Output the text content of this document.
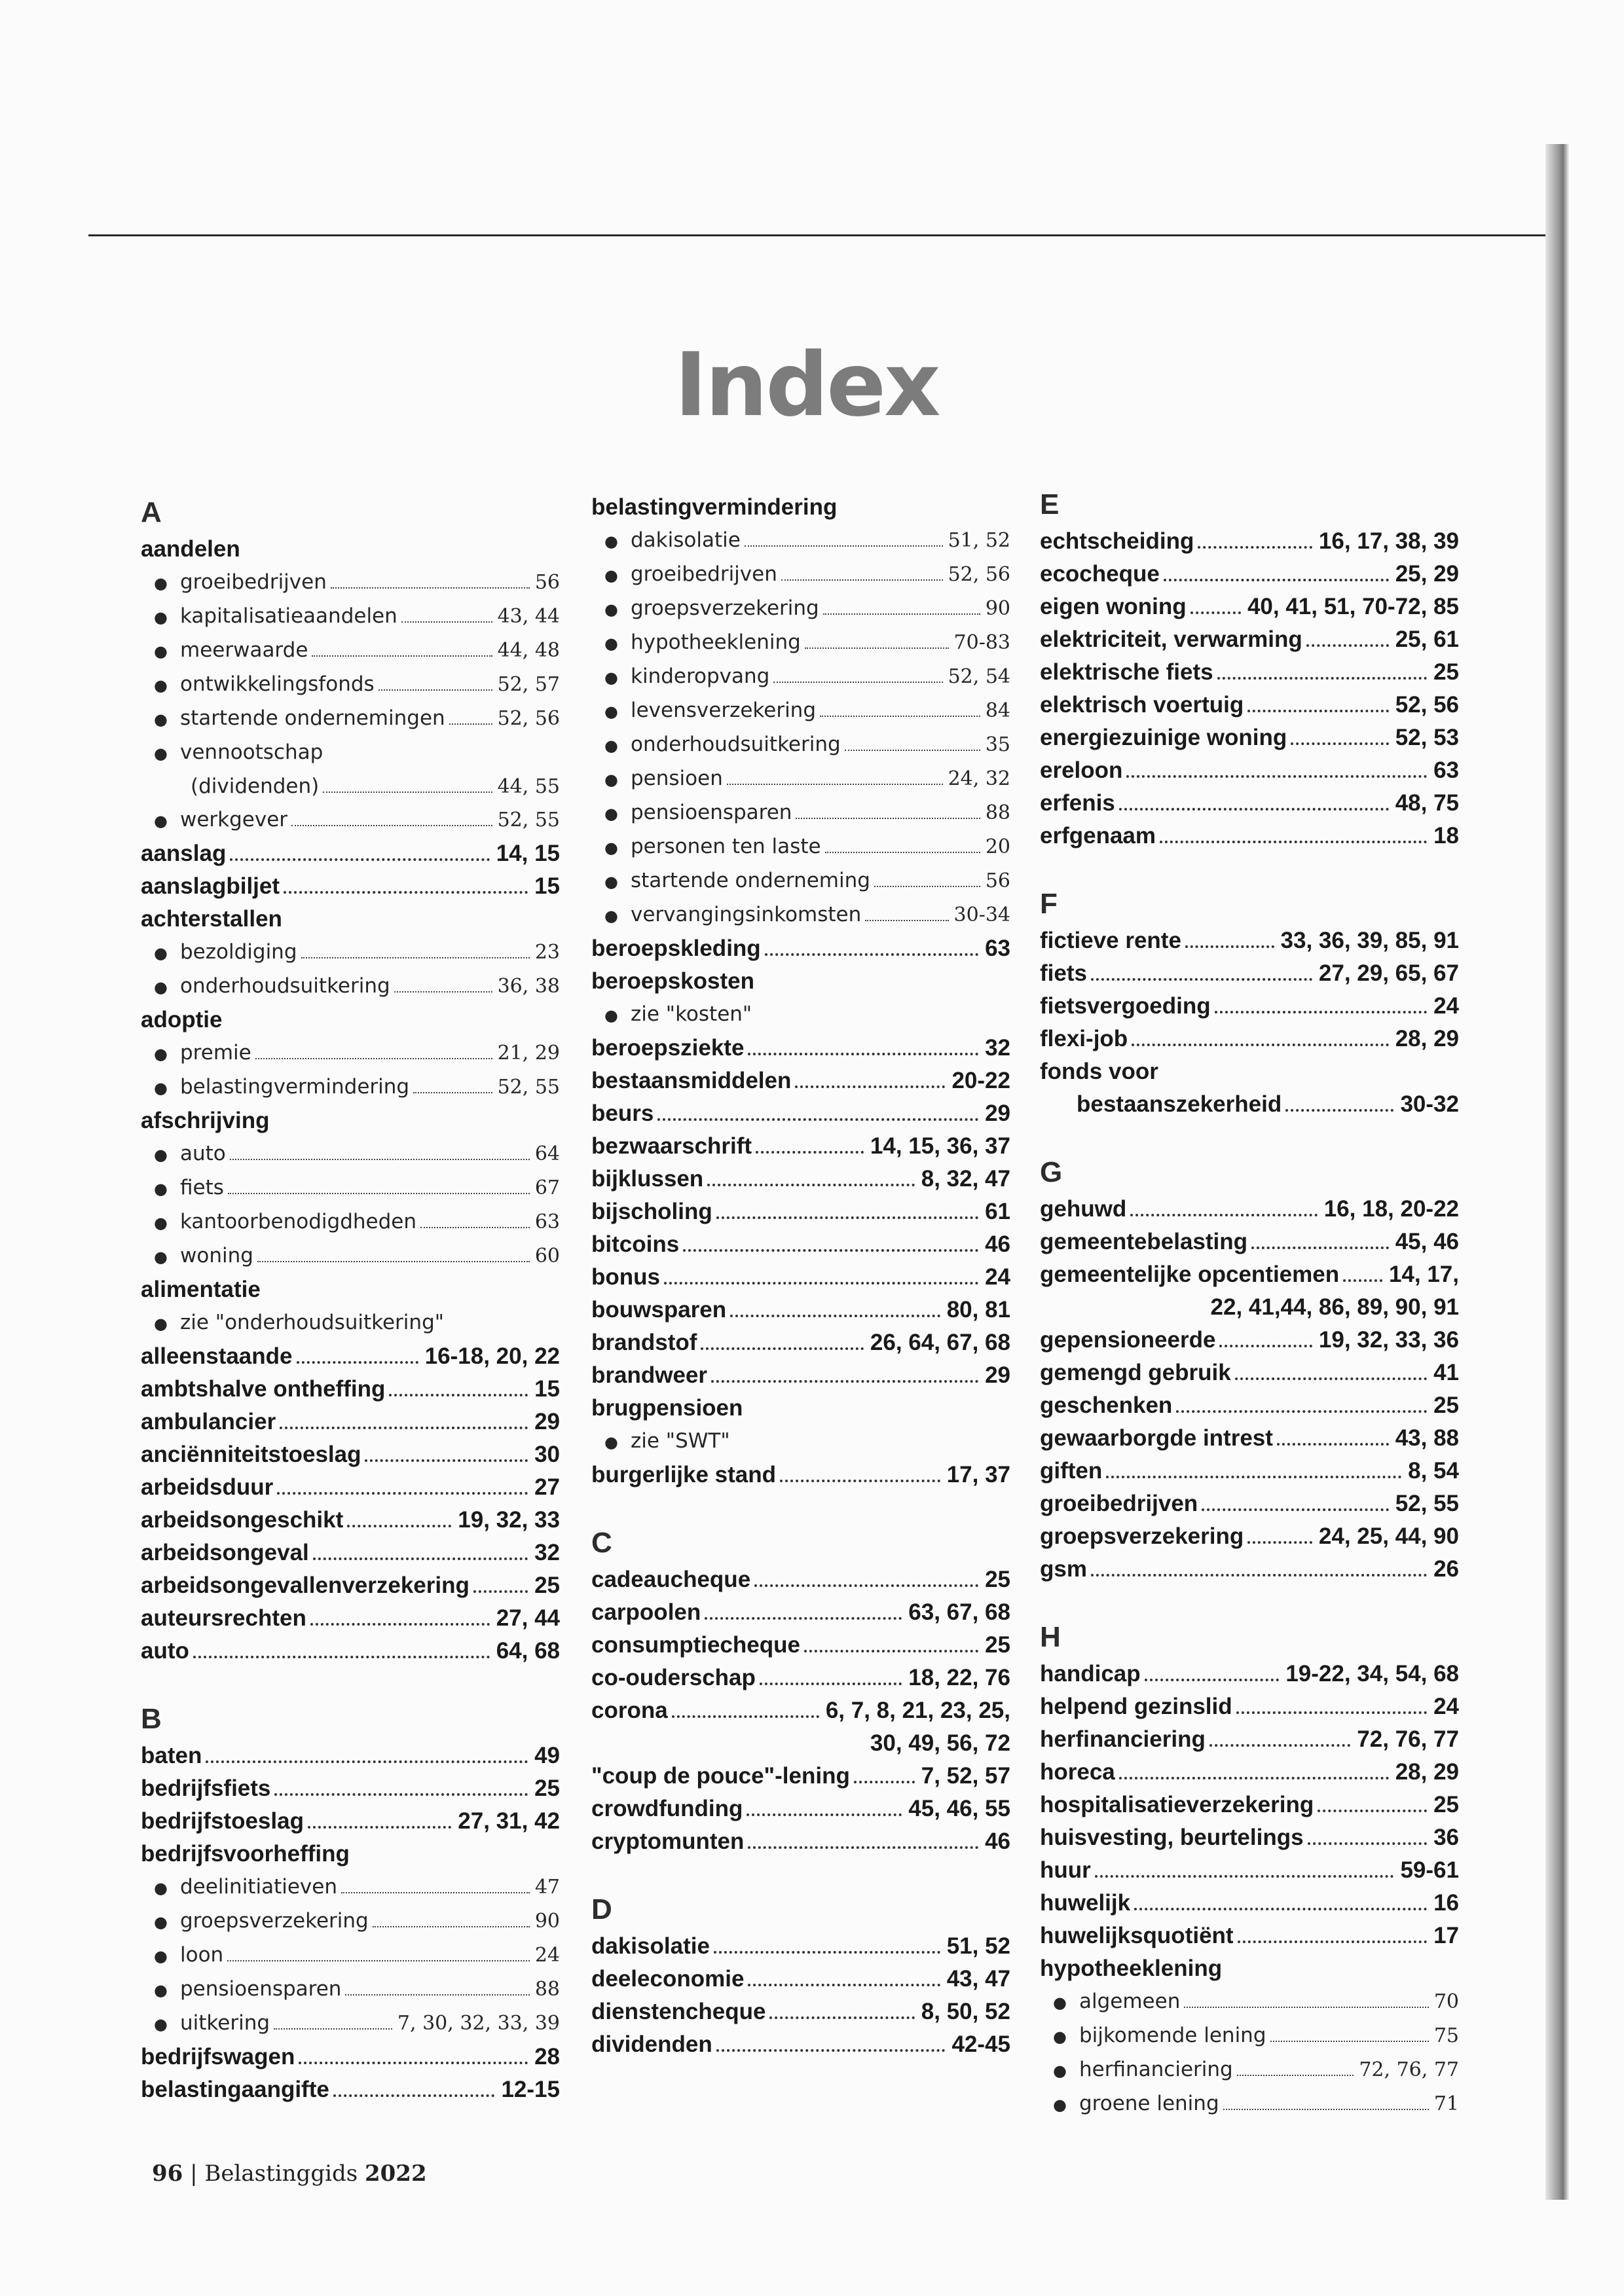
Index
A
aandelen
● groeibedrijven	56
● kapitalisatieaandelen	43, 44
● meerwaarde	44, 48
● ontwikkelingsfonds	52, 57
● startende ondernemingen	52, 56
● vennootschap
(dividenden)	44, 55
● werkgever	52, 55
aanslag	14, 15
aanslagbiljet	15
achterstallen
● bezoldiging	23
● onderhoudsuitkering	36, 38
adoptie
● premie	21, 29
● belastingvermindering	52, 55
afschrijving
● auto	64
● fiets	67
● kantoorbenodigdheden	63
● woning	60
alimentatie
● zie "onderhoudsuitkering"
alleenstaande	16-18, 20, 22
ambtshalve ontheffing	15
ambulancier	29
anciënniteitstoeslag	30
arbeidsduur	27
arbeidsongeschikt	19, 32, 33
arbeidsongeval	32
arbeidsongevallenverzekering	25
auteursrechten	27, 44
auto	64, 68
B
baten	49
bedrijfsfiets	25
bedrijfstoeslag	27, 31, 42
bedrijfsvoorheffing
● deelinitiatieven	47
● groepsverzekering	90
● loon	24
● pensioensparen	88
● uitkering	7, 30, 32, 33, 39
bedrijfswagen	28
belastingaangifte	12-15
belastingvermindering
● dakisolatie	51, 52
● groeibedrijven	52, 56
● groepsverzekering	90
● hypotheeklening	70-83
● kinderopvang	52, 54
● levensverzekering	84
● onderhoudsuitkering	35
● pensioen	24, 32
● pensioensparen	88
● personen ten laste	20
● startende onderneming	56
● vervangingsinkomsten	30-34
beroepskleding	63
beroepskosten
● zie "kosten"
beroepsziekte	32
bestaansmiddelen	20-22
beurs	29
bezwaarschrift	14, 15, 36, 37
bijklussen	8, 32, 47
bijscholing	61
bitcoins	46
bonus	24
bouwsparen	80, 81
brandstof	26, 64, 67, 68
brandweer	29
brugpensioen
● zie "SWT"
burgerlijke stand	17, 37
C
cadeaucheque	25
carpoolen	63, 67, 68
consumptiecheque	25
co-ouderschap	18, 22, 76
corona	6, 7, 8, 21, 23, 25,
30, 49, 56, 72
"coup de pouce"-lening	7, 52, 57
crowdfunding	45, 46, 55
cryptomunten	46
D
dakisolatie	51, 52
deeleconomie	43, 47
dienstencheque	8, 50, 52
dividenden	42-45
E
echtscheiding	16, 17, 38, 39
ecocheque	25, 29
eigen woning	40, 41, 51, 70-72, 85
elektriciteit, verwarming	25, 61
elektrische fiets	25
elektrisch voertuig	52, 56
energiezuinige woning	52, 53
ereloon	63
erfenis	48, 75
erfgenaam	18
F
fictieve rente	33, 36, 39, 85, 91
fiets	27, 29, 65, 67
fietsvergoeding	24
flexi-job	28, 29
fonds voor
bestaanszekerheid	30-32
G
gehuwd	16, 18, 20-22
gemeentebelasting	45, 46
gemeentelijke opcentiemen 14, 17,
22, 41,44, 86, 89, 90, 91
gepensioneerde	19, 32, 33, 36
gemengd gebruik	41
geschenken	25
gewaarborgde intrest	43, 88
giften	8, 54
groeibedrijven	52, 55
groepsverzekering	24, 25, 44, 90
gsm	26
H
handicap	19-22, 34, 54, 68
helpend gezinslid	24
herfinanciering	72, 76, 77
horeca	28, 29
hospitalisatieverzekering	25
huisvesting, beurtelings	36
huur	59-61
huwelijk	16
huwelijksquotiënt	17
hypotheeklening
● algemeen	70
● bijkomende lening	75
● herfinanciering	72, 76, 77
● groene lening	71
96 | Belastinggids 2022
